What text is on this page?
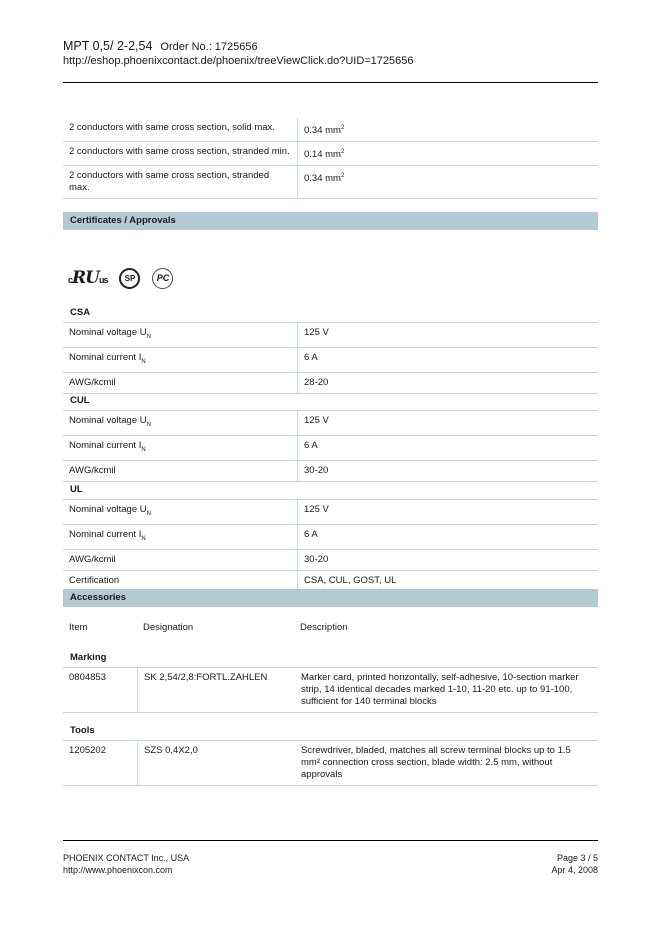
MPT 0,5/ 2-2,54 Order No.: 1725656
http://eshop.phoenixcontact.de/phoenix/treeViewClick.do?UID=1725656
2 conductors with same cross section, solid max.	0.34 $mm^2$
2 conductors with same cross section, stranded min.	0.14 $mm^2$
2 conductors with same cross section, stranded max.	0.34 $mm^2$
Certificates / Approvals
cRUus	SP	PC
CSA
Nominal voltage $U_N$	125 V
Nominal current $I_N$	6 A
AWG/kcmil	28-20
CUL
Nominal voltage $U_N$	125 V
Nominal current $I_N$	6 A
AWG/kcmil	30-20
UL
Nominal voltage $U_N$	125 V
Nominal current $I_N$	6 A
AWG/kcmil	30-20
Certification	CSA, CUL, GOST, UL
Accessories
Item	Designation	Description
Marking
0804853	SK 2,54/2,8:FORTL.ZAHLEN	Marker card, printed horizontally, self-adhesive, 10-section marker strip, 14 identical decades marked 1-10, 11-20 etc. up to 91-100, sufficient for 140 terminal blocks
Tools
1205202	SZS 0,4X2,0	Screwdriver, bladed, matches all screw terminal blocks up to 1.5 mm² connection cross section, blade width: 2.5 mm, without approvals
PHOENIX CONTACT Inc., USA
http://www.phoenixcon.com
Page 3 / 5
Apr 4, 2008
